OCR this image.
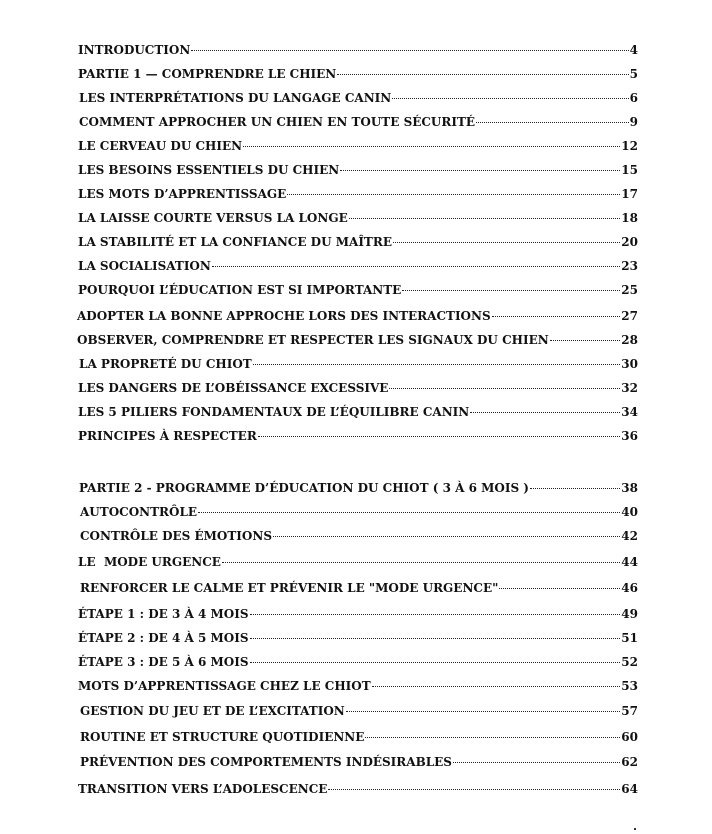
INTRODUCTION	4
PARTIE 1 — COMPRENDRE LE CHIEN	5
LES INTERPRÉTATIONS DU LANGAGE CANIN	6
COMMENT APPROCHER UN CHIEN EN TOUTE SÉCURITÉ	9
LE CERVEAU DU CHIEN	12
LES BESOINS ESSENTIELS DU CHIEN	15
LES MOTS D’APPRENTISSAGE	17
LA LAISSE COURTE VERSUS LA LONGE	18
LA STABILITÉ ET LA CONFIANCE DU MAÎTRE	20
LA SOCIALISATION	23
POURQUOI L’ÉDUCATION EST SI IMPORTANTE	25
ADOPTER LA BONNE APPROCHE LORS DES INTERACTIONS	27
OBSERVER, COMPRENDRE ET RESPECTER LES SIGNAUX DU CHIEN	28
LA PROPRETÉ DU CHIOT	30
LES DANGERS DE L’OBÉISSANCE EXCESSIVE	32
LES 5 PILIERS FONDAMENTAUX DE L’ÉQUILIBRE CANIN	34
PRINCIPES À RESPECTER	36
PARTIE 2 - PROGRAMME D’ÉDUCATION DU CHIOT ( 3 À 6 MOIS )	38
AUTOCONTRÔLE	40
CONTRÔLE DES ÉMOTIONS	42
LE  MODE URGENCE	44
RENFORCER LE CALME ET PRÉVENIR LE "MODE URGENCE"	46
ÉTAPE 1 : DE 3 À 4 MOIS	49
ÉTAPE 2 : DE 4 À 5 MOIS	51
ÉTAPE 3 : DE 5 À 6 MOIS	52
MOTS D’APPRENTISSAGE CHEZ LE CHIOT	53
GESTION DU JEU ET DE L’EXCITATION	57
ROUTINE ET STRUCTURE QUOTIDIENNE	60
PRÉVENTION DES COMPORTEMENTS INDÉSIRABLES	62
TRANSITION VERS L’ADOLESCENCE	64
